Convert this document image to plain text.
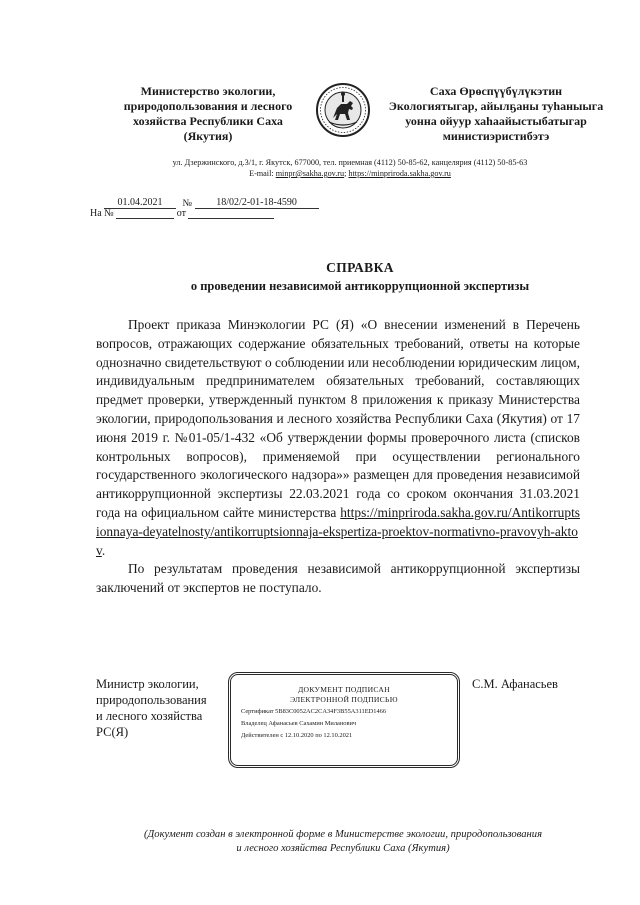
Министерство экологии,
природопользования и лесного
хозяйства Республики Саха
(Якутия)
Саха Өрөспүүбүлүкэтин
Экологиятыгар, айылҕаны туһаныыга
уонна ойуур хаһаайыстыбатыгар
министиэристибэтэ
ул. Дзержинского, д.3/1, г. Якутск, 677000, тел. приемная (4112) 50-85-62, канцелярия (4112) 50-85-63
E-mail: minpr@sakha.gov.ru; https://minpriroda.sakha.gov.ru
01.04.2021 № 18/02/2-01-18-4590
На №	от
СПРАВКА
о проведении независимой антикоррупционной экспертизы

Проект приказа Минэкологии РС (Я) «О внесении изменений в Перечень вопросов, отражающих содержание обязательных требований, ответы на которые однозначно свидетельствуют о соблюдении или несоблюдении юридическим лицом, индивидуальным предпринимателем обязательных требований, составляющих предмет проверки, утвержденный пунктом 8 приложения к приказу Министерства экологии, природопользования и лесного хозяйства Республики Саха (Якутия) от 17 июня 2019 г. №01-05/1-432 «Об утверждении формы проверочного листа (списков контрольных вопросов), применяемой при осуществлении регионального государственного экологического надзора»» размещен для проведения независимой антикоррупционной экспертизы 22.03.2021 года со сроком окончания 31.03.2021 года на официальном сайте министерства https://minpriroda.sakha.gov.ru/Antikorruptsionnaya-deyatelnosty/antikorruptsionnaja-ekspertiza-proektov-normativno-pravovyh-aktov.

По результатам проведения независимой антикоррупционной экспертизы заключений от экспертов не поступало.

Министр экологии,
природопользования
и лесного хозяйства
РС(Я)
ДОКУМЕНТ ПОДПИСАН
ЭЛЕКТРОННОЙ ПОДПИСЬЮ
Сертификат 5B83C0052AC2CA34F3B55A311ED1466
Владелец Афанасьев Сахамин Миланович
Действителен с 12.10.2020 по 12.10.2021
С.М. Афанасьев
(Документ создан в электронной форме в Министерстве экологии, природопользования
и лесного хозяйства Республики Саха (Якутия)
